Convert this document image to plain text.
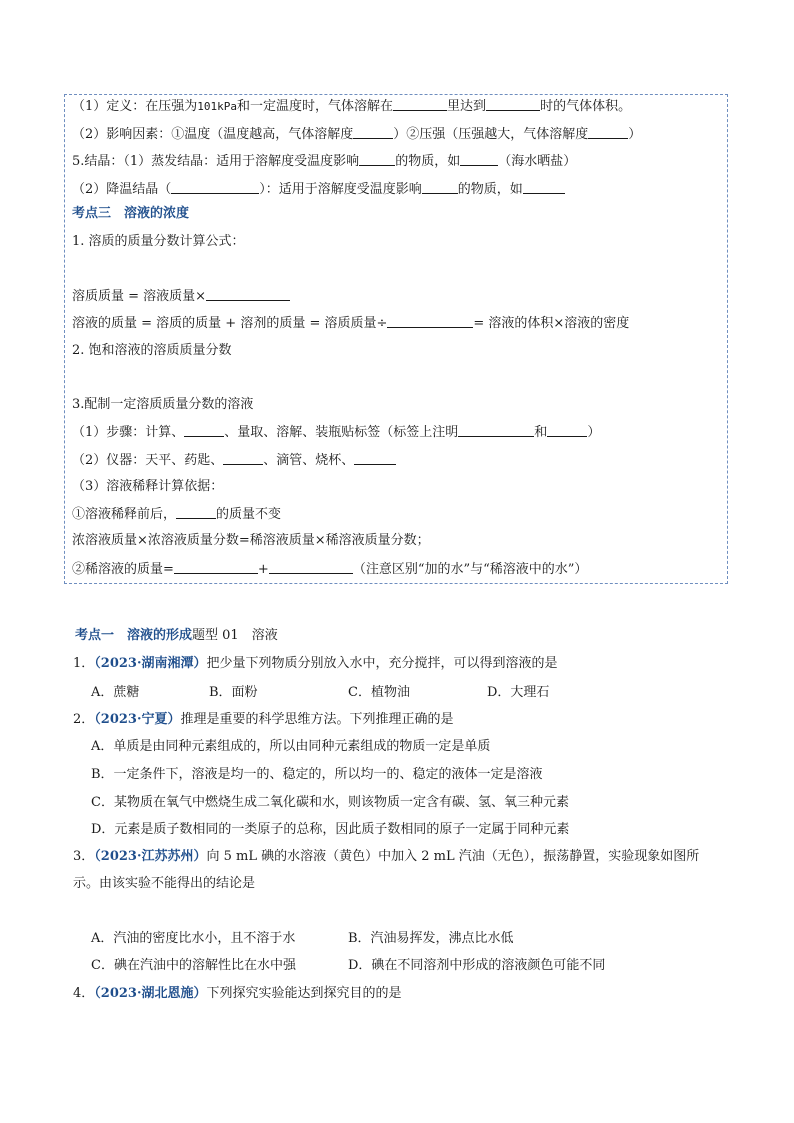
（1）定义：在压强为101kPa和一定温度时，气体溶解在	里达到	时的气体体积。
（2）影响因素：①温度（温度越高，气体溶解度	）②压强（压强越大，气体溶解度	）
5.结晶：（1）蒸发结晶：适用于溶解度受温度影响	的物质，如	（海水晒盐）
（2）降温结晶（	）：适用于溶解度受温度影响	的物质，如
考点三　溶液的浓度
1. 溶质的质量分数计算公式：
溶质质量 = 溶液质量×
溶液的质量 = 溶质的质量 + 溶剂的质量 = 溶质质量÷	= 溶液的体积×溶液的密度
2. 饱和溶液的溶质质量分数
3.配制一定溶质质量分数的溶液
（1）步骤：计算、	、量取、溶解、装瓶贴标签（标签上注明	和	）
（2）仪器：天平、药匙、	、滴管、烧杯、
（3）溶液稀释计算依据：
①溶液稀释前后，	的质量不变
浓溶液质量×浓溶液质量分数=稀溶液质量×稀溶液质量分数；
②稀溶液的质量=	+	（注意区别“加的水”与“稀溶液中的水”）
考点一　溶液的形成题型 01　溶液
1．（2023·湖南湘潭）把少量下列物质分别放入水中，充分搅拌，可以得到溶液的是
A．蔗糖	B．面粉	C．植物油	D．大理石
2．（2023·宁夏）推理是重要的科学思维方法。下列推理正确的是
A．单质是由同种元素组成的，所以由同种元素组成的物质一定是单质
B．一定条件下，溶液是均一的、稳定的，所以均一的、稳定的液体一定是溶液
C．某物质在氧气中燃烧生成二氧化碳和水，则该物质一定含有碳、氢、氧三种元素
D．元素是质子数相同的一类原子的总称，因此质子数相同的原子一定属于同种元素
3．（2023·江苏苏州）向 5 mL 碘的水溶液（黄色）中加入 2 mL 汽油（无色），振荡静置，实验现象如图所
示。由该实验不能得出的结论是
A．汽油的密度比水小，且不溶于水	B．汽油易挥发，沸点比水低
C．碘在汽油中的溶解性比在水中强	D．碘在不同溶剂中形成的溶液颜色可能不同
4．（2023·湖北恩施）下列探究实验能达到探究目的的是
